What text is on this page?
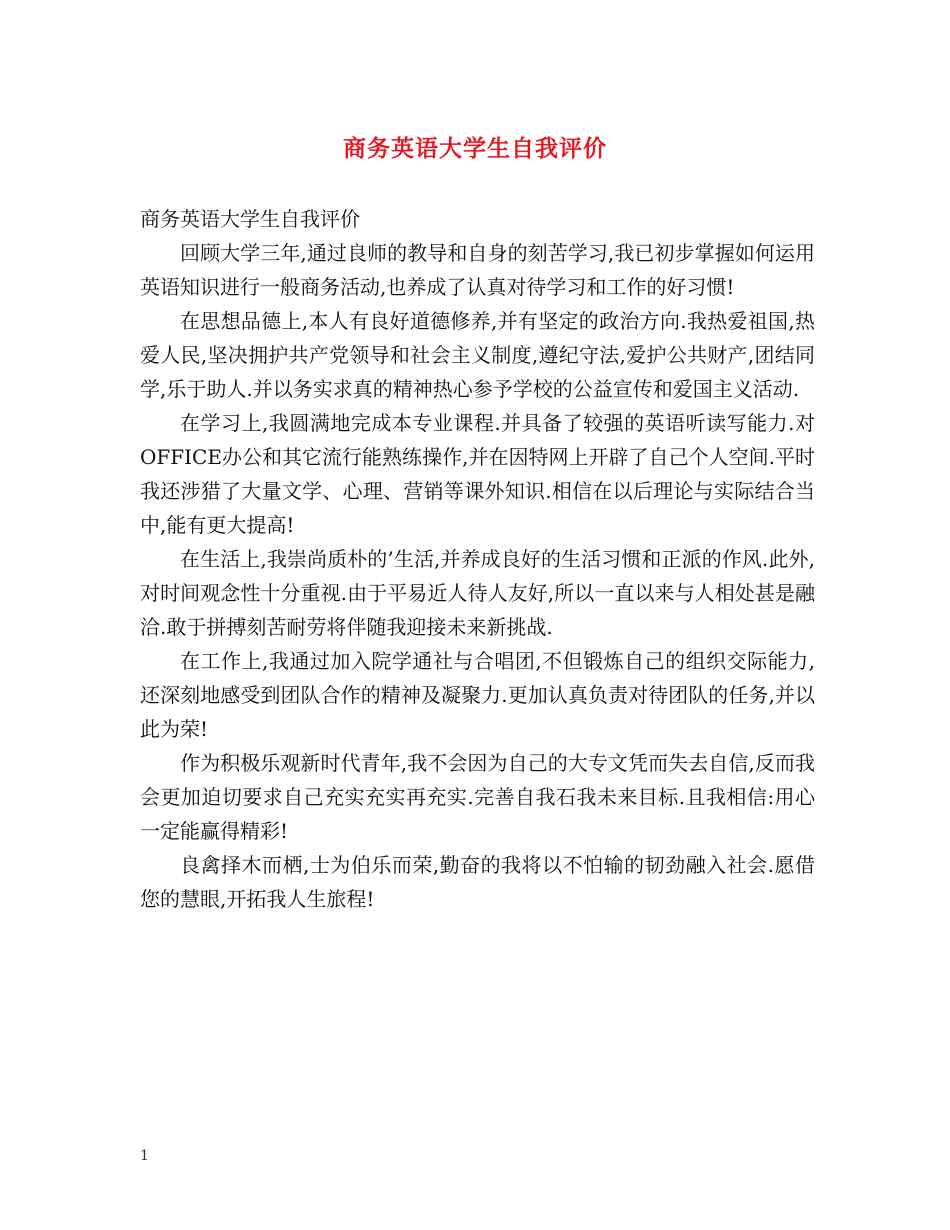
商务英语大学生自我评价

商务英语大学生自我评价

回顾大学三年,通过良师的教导和自身的刻苦学习,我已初步掌握如何运用英语知识进行一般商务活动,也养成了认真对待学习和工作的好习惯!

在思想品德上,本人有良好道德修养,并有坚定的政治方向.我热爱祖国,热爱人民,坚决拥护共产党领导和社会主义制度,遵纪守法,爱护公共财产,团结同学,乐于助人.并以务实求真的精神热心参予学校的公益宣传和爱国主义活动.

在学习上,我圆满地完成本专业课程.并具备了较强的英语听读写能力.对OFFICE办公和其它流行能熟练操作,并在因特网上开辟了自己个人空间.平时我还涉猎了大量文学、心理、营销等课外知识.相信在以后理论与实际结合当中,能有更大提高!

在生活上,我崇尚质朴的’生活,并养成良好的生活习惯和正派的作风.此外,对时间观念性十分重视.由于平易近人待人友好,所以一直以来与人相处甚是融洽.敢于拼搏刻苦耐劳将伴随我迎接未来新挑战.

在工作上,我通过加入院学通社与合唱团,不但锻炼自己的组织交际能力,还深刻地感受到团队合作的精神及凝聚力.更加认真负责对待团队的任务,并以此为荣!

作为积极乐观新时代青年,我不会因为自己的大专文凭而失去自信,反而我会更加迫切要求自己充实充实再充实.完善自我石我未来目标.且我相信:用心一定能赢得精彩!

良禽择木而栖,士为伯乐而荣,勤奋的我将以不怕输的韧劲融入社会.愿借您的慧眼,开拓我人生旅程!

1
